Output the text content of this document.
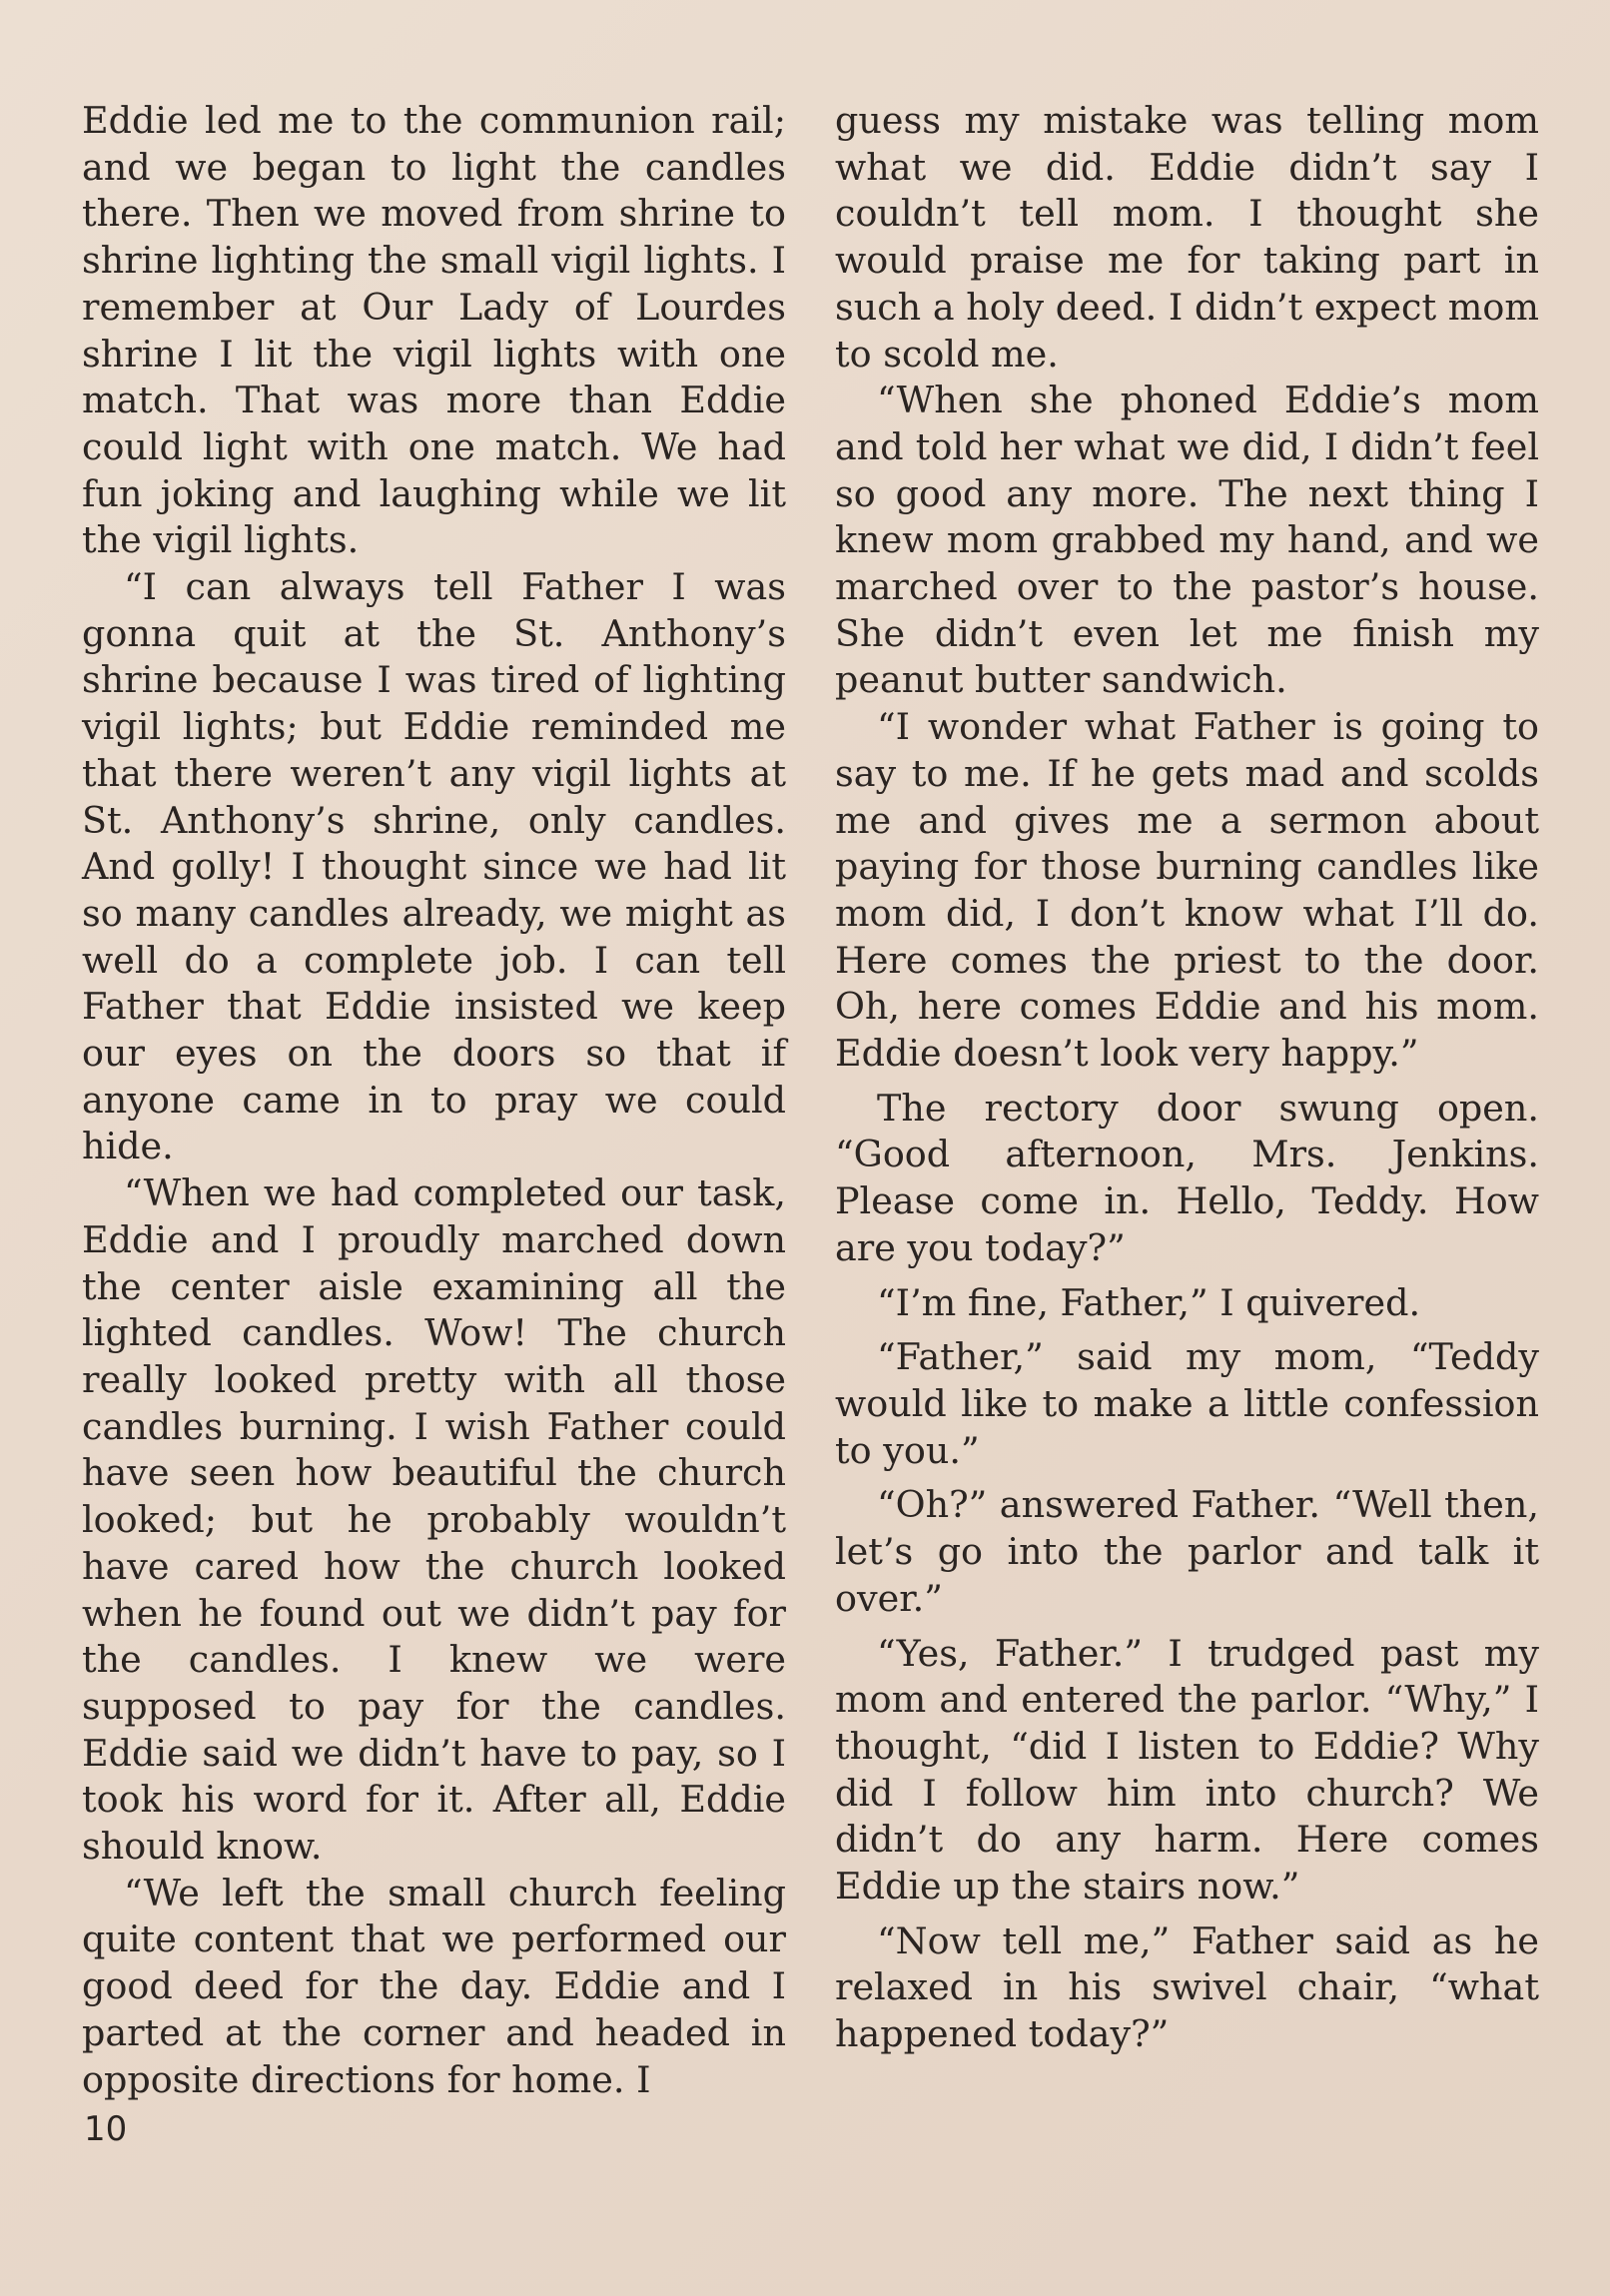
Eddie led me to the communion rail; and we began to light the candles there. Then we moved from shrine to shrine lighting the small vigil lights. I remember at Our Lady of Lourdes shrine I lit the vigil lights with one match. That was more than Eddie could light with one match. We had fun joking and laughing while we lit the vigil lights.

“I can always tell Father I was gonna quit at the St. Anthony’s shrine because I was tired of lighting vigil lights; but Eddie reminded me that there weren’t any vigil lights at St. Anthony’s shrine, only candles. And golly! I thought since we had lit so many candles already, we might as well do a complete job. I can tell Father that Eddie insisted we keep our eyes on the doors so that if anyone came in to pray we could hide.

“When we had completed our task, Eddie and I proudly marched down the center aisle examining all the lighted candles. Wow! The church really looked pretty with all those candles burning. I wish Father could have seen how beautiful the church looked; but he probably wouldn’t have cared how the church looked when he found out we didn’t pay for the candles. I knew we were supposed to pay for the candles. Eddie said we didn’t have to pay, so I took his word for it. After all, Eddie should know.

“We left the small church feeling quite content that we performed our good deed for the day. Eddie and I parted at the corner and headed in opposite directions for home. I

guess my mistake was telling mom what we did. Eddie didn’t say I couldn’t tell mom. I thought she would praise me for taking part in such a holy deed. I didn’t expect mom to scold me.

“When she phoned Eddie’s mom and told her what we did, I didn’t feel so good any more. The next thing I knew mom grabbed my hand, and we marched over to the pastor’s house. She didn’t even let me finish my peanut butter sandwich.

“I wonder what Father is going to say to me. If he gets mad and scolds me and gives me a sermon about paying for those burning candles like mom did, I don’t know what I’ll do. Here comes the priest to the door. Oh, here comes Eddie and his mom. Eddie doesn’t look very happy.”

The rectory door swung open. “Good afternoon, Mrs. Jenkins. Please come in. Hello, Teddy. How are you today?”

“I’m fine, Father,” I quivered.

“Father,” said my mom, “Teddy would like to make a little confession to you.”

“Oh?” answered Father. “Well then, let’s go into the parlor and talk it over.”

“Yes, Father.” I trudged past my mom and entered the parlor. “Why,” I thought, “did I listen to Eddie? Why did I follow him into church? We didn’t do any harm. Here comes Eddie up the stairs now.”

“Now tell me,” Father said as he relaxed in his swivel chair, “what happened today?”

10
